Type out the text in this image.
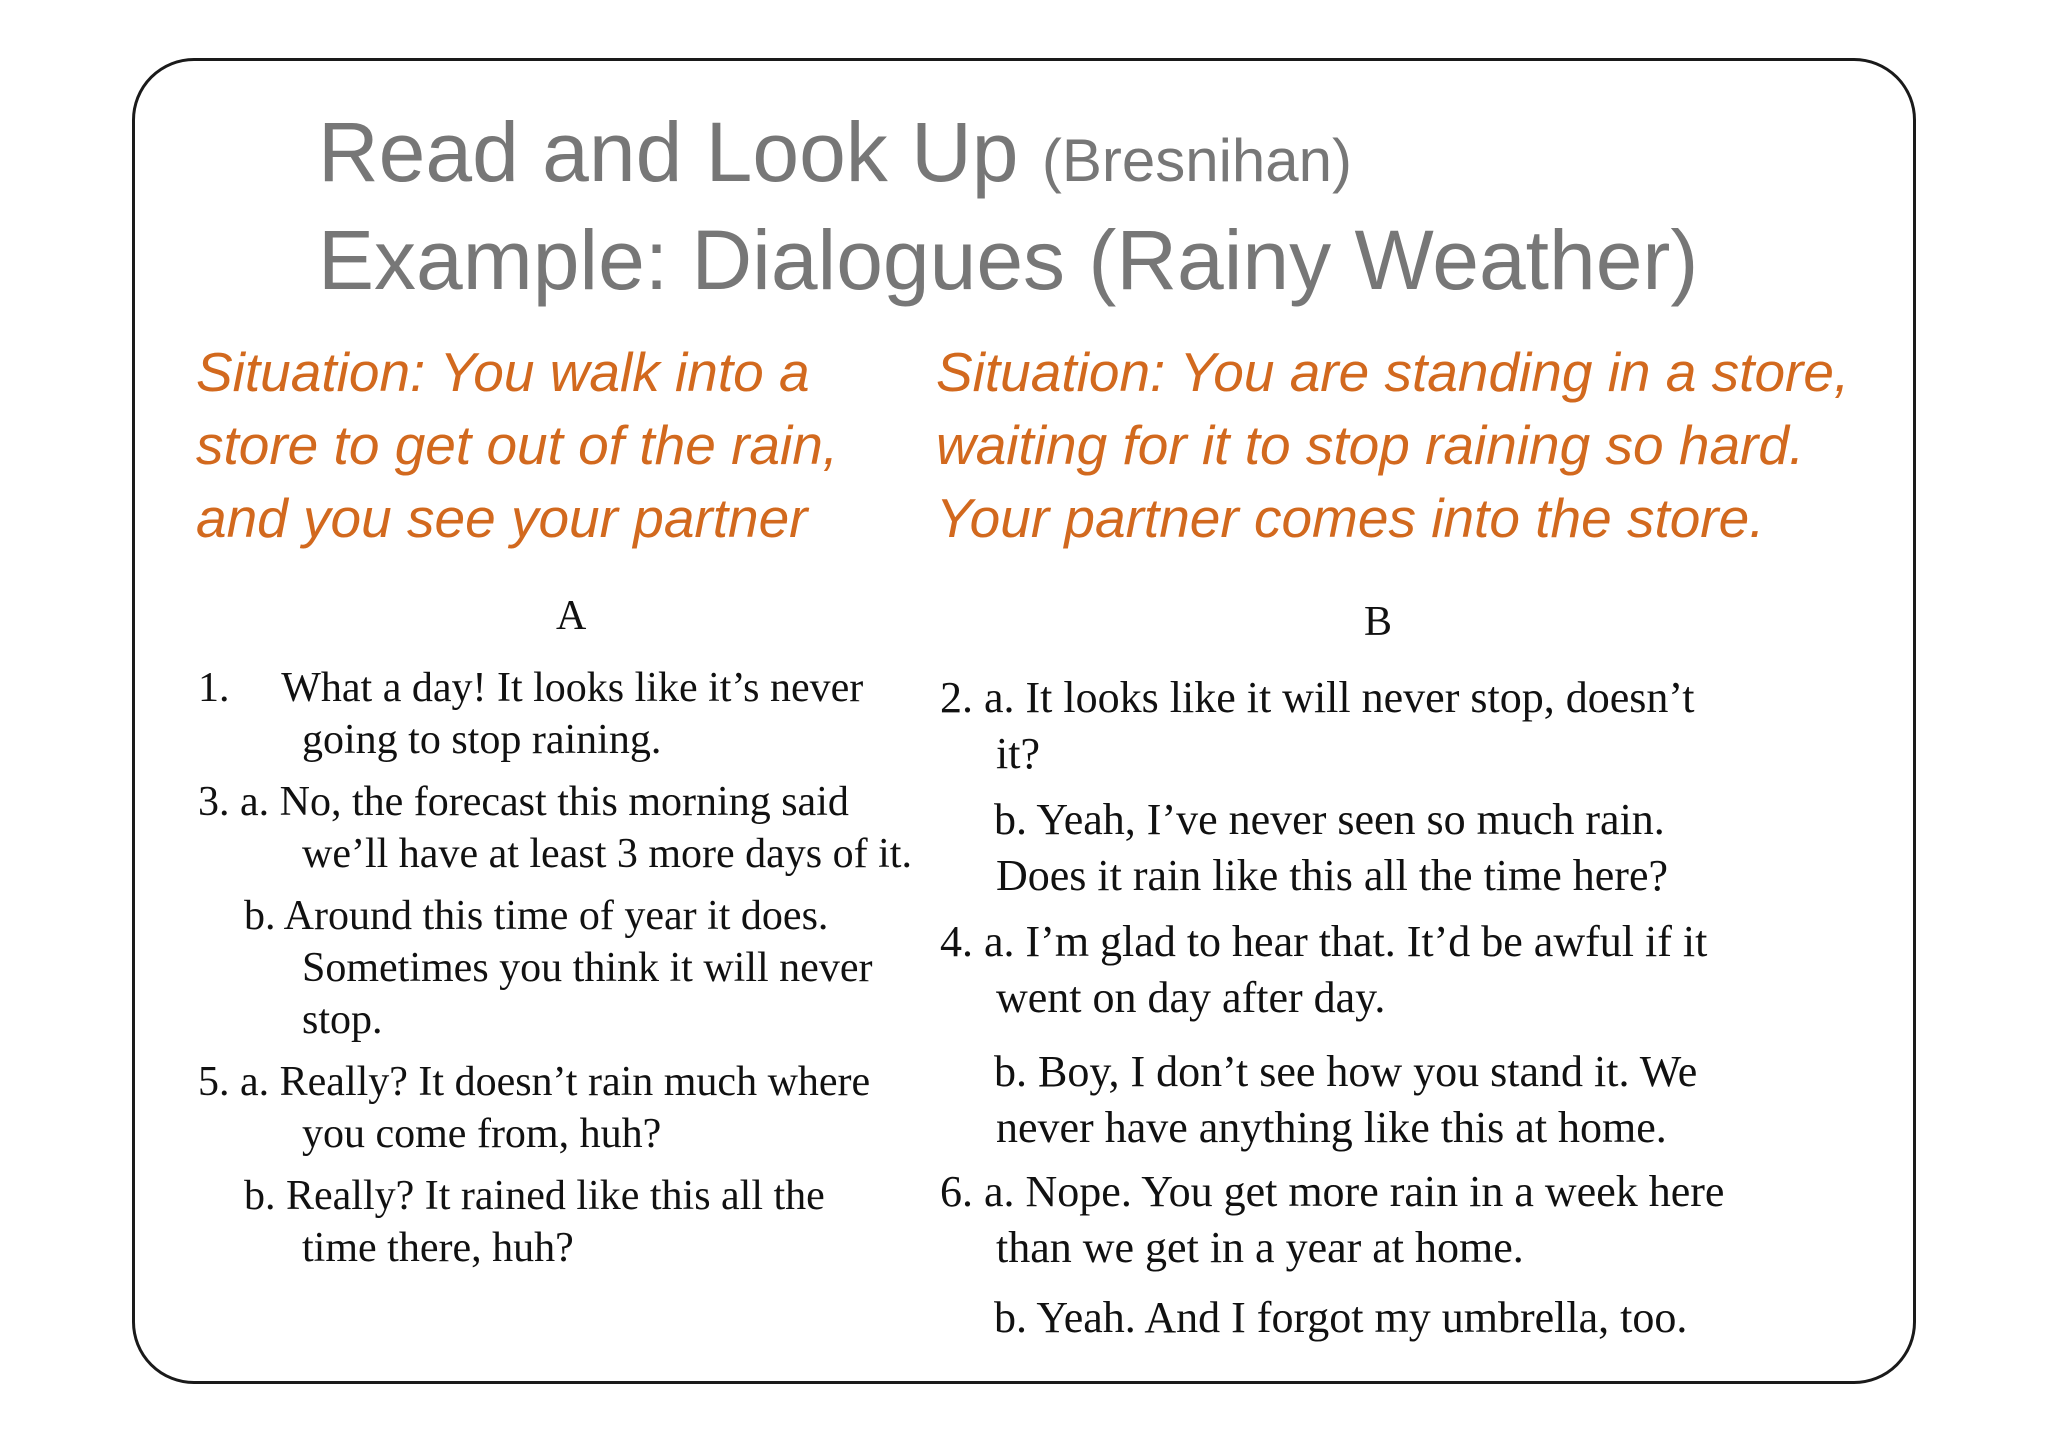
Read and Look Up (Bresnihan)
Example: Dialogues (Rainy Weather)
Situation: You walk into a
store to get out of the rain,
and you see your partner
Situation: You are standing in a store,
waiting for it to stop raining so hard.
Your partner comes into the store.
A	B
1.     What a day! It looks like it’s never
going to stop raining.
3. a. No, the forecast this morning said
we’ll have at least 3 more days of it.
b. Around this time of year it does.
Sometimes you think it will never
stop.
5. a. Really? It doesn’t rain much where
you come from, huh?
b. Really? It rained like this all the
time there, huh?
2. a. It looks like it will never stop, doesn’t
it?
b. Yeah, I’ve never seen so much rain.
Does it rain like this all the time here?
4. a. I’m glad to hear that. It’d be awful if it
went on day after day.
b. Boy, I don’t see how you stand it. We
never have anything like this at home.
6. a. Nope. You get more rain in a week here
than we get in a year at home.
b. Yeah. And I forgot my umbrella, too.
